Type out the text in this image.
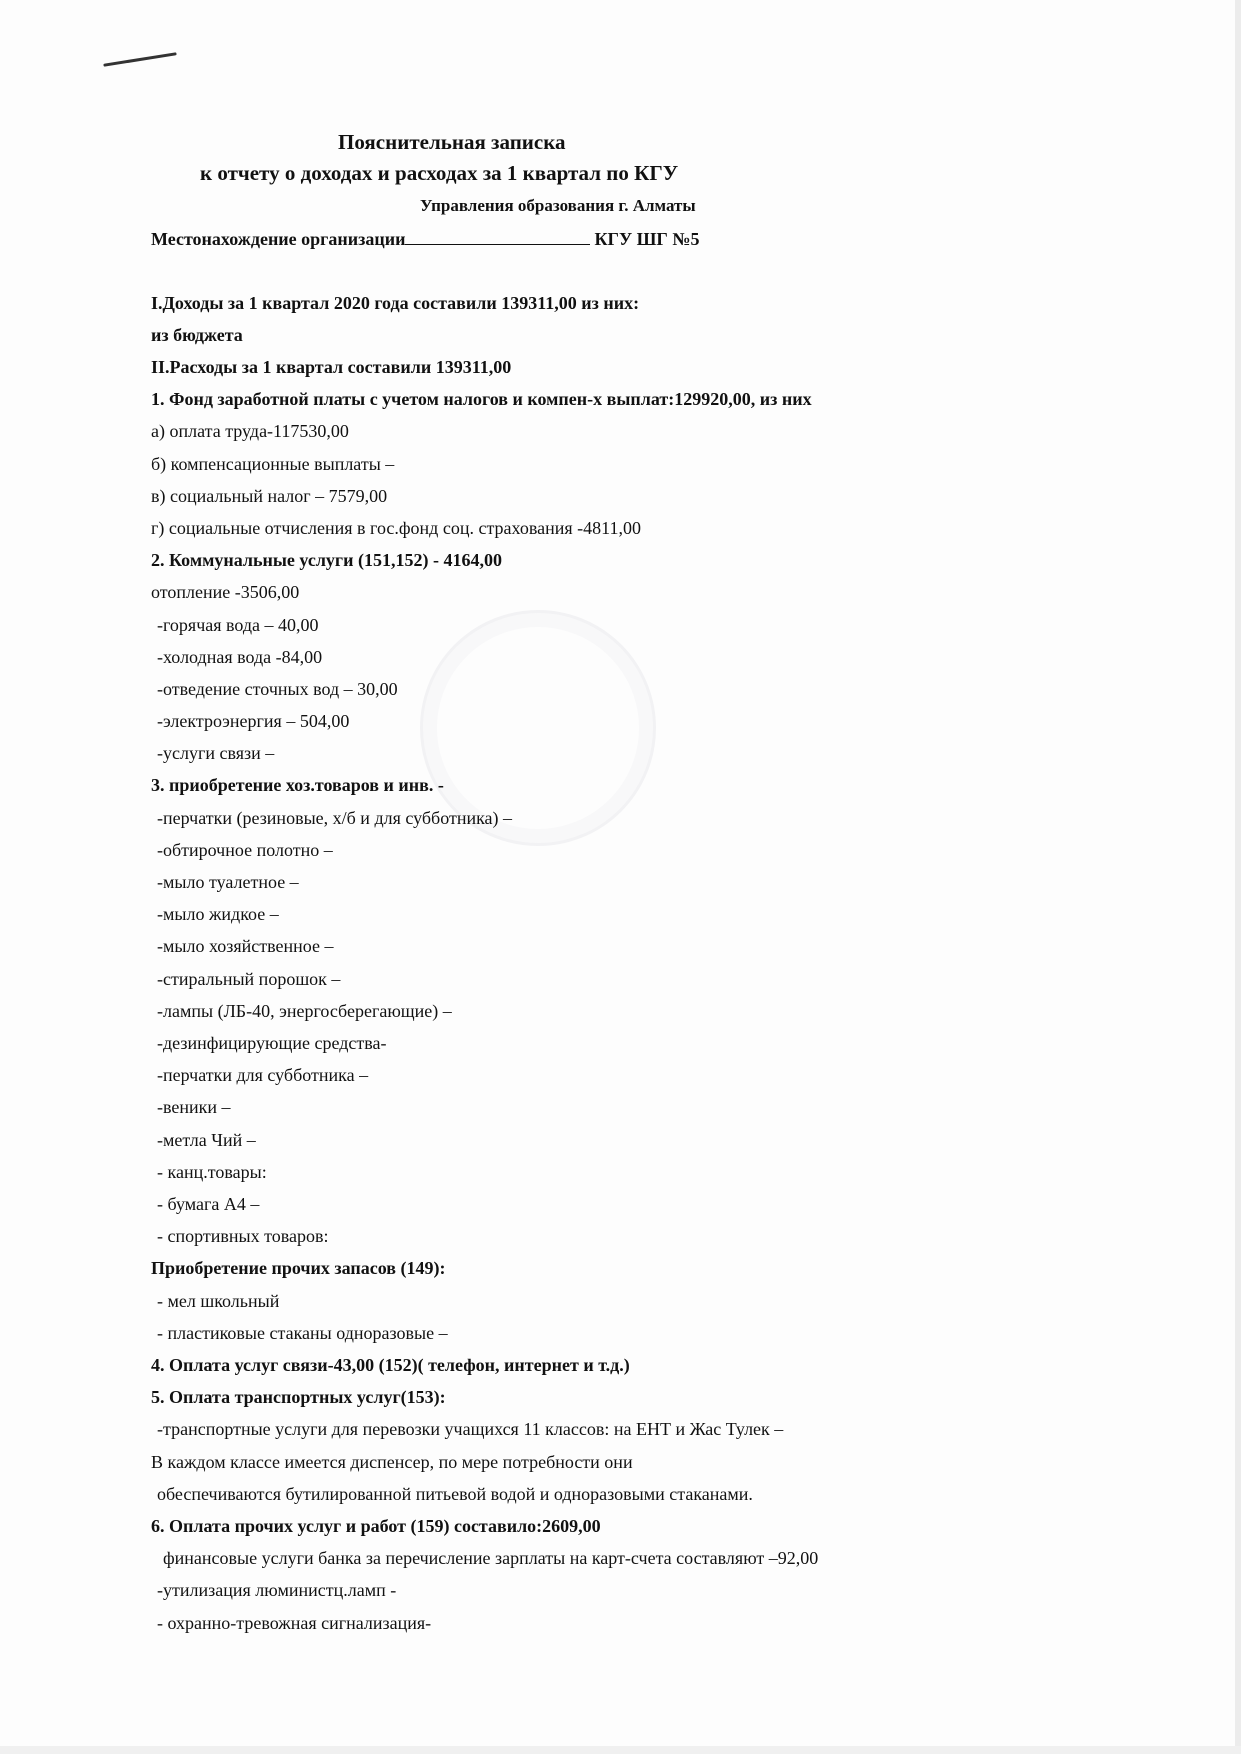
Пояснительная записка
к отчету о доходах и расходах за 1 квартал по КГУ
Управления образования г. Алматы
Местонахождение организации	КГУ ШГ №5
I.Доходы за 1 квартал 2020 года составили 139311,00 из них:
из бюджета
II.Расходы за 1 квартал составили 139311,00
1. Фонд заработной платы с учетом налогов и компен-х выплат:129920,00, из них
а) оплата труда-117530,00
б) компенсационные выплаты –
в) социальный налог – 7579,00
г) социальные отчисления в гос.фонд соц. страхования -4811,00
2. Коммунальные услуги (151,152) - 4164,00
отопление -3506,00
-горячая вода – 40,00
-холодная вода -84,00
-отведение сточных вод – 30,00
-электроэнергия – 504,00
-услуги связи –
3. приобретение хоз.товаров и инв. -
-перчатки (резиновые, х/б и для субботника) –
-обтирочное полотно –
-мыло туалетное –
-мыло жидкое –
-мыло хозяйственное –
-стиральный порошок –
-лампы (ЛБ-40, энергосберегающие) –
-дезинфицирующие средства-
-перчатки для субботника –
-веники –
-метла Чий –
- канц.товары:
- бумага А4 –
- спортивных товаров:
Приобретение прочих запасов (149):
- мел школьный
- пластиковые стаканы одноразовые –
4. Оплата услуг связи-43,00 (152)( телефон, интернет и т.д.)
5. Оплата транспортных услуг(153):
-транспортные услуги для перевозки учащихся 11 классов: на ЕНТ и Жас Тулек –
В каждом классе имеется диспенсер, по мере потребности они
обеспечиваются бутилированной питьевой водой и одноразовыми стаканами.
6. Оплата прочих услуг и работ (159) составило:2609,00
финансовые услуги банка за перечисление зарплаты на карт-счета составляют –92,00
-утилизация люминистц.ламп -
- охранно-тревожная сигнализация-
